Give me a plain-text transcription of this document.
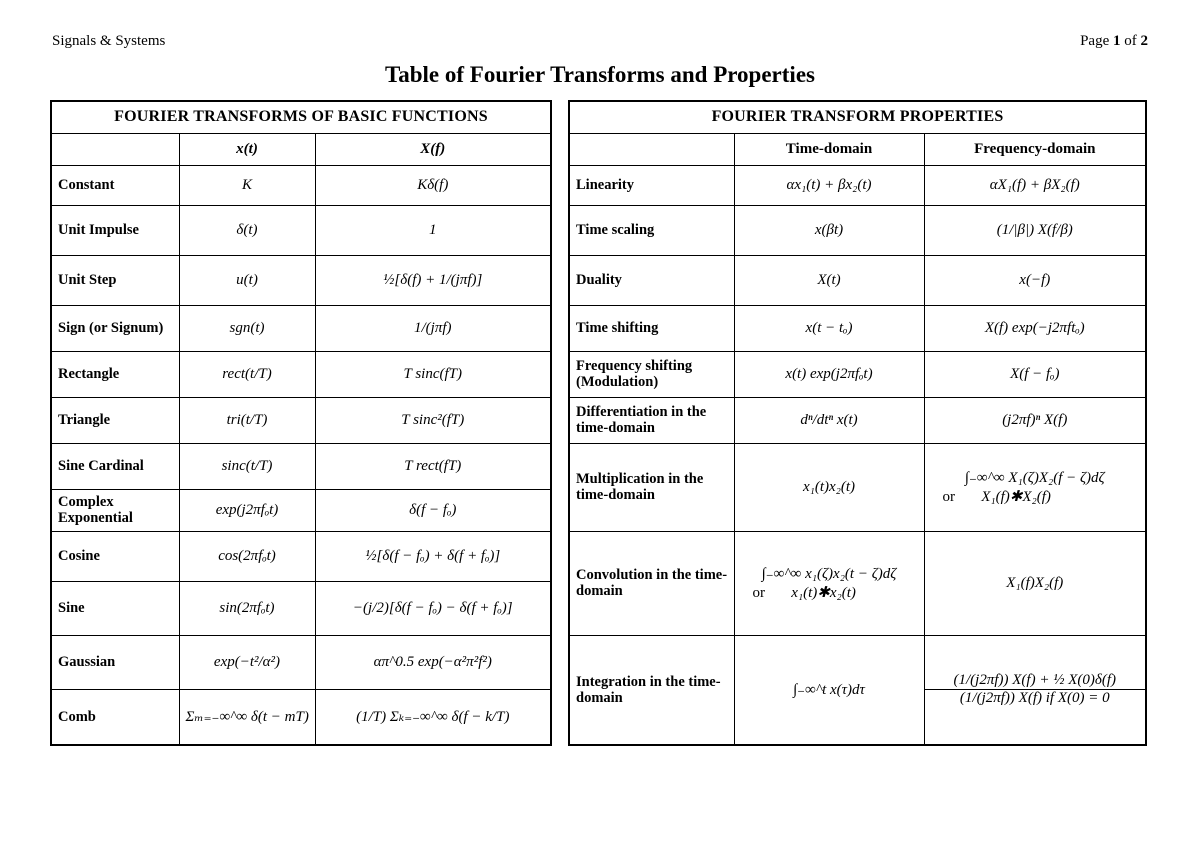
Signals & Systems	Page 1 of 2
Table of Fourier Transforms and Properties
FOURIER TRANSFORMS OF BASIC FUNCTIONS		
	x(t)	X(f)
Constant	K	Kδ(f)
Unit Impulse	δ(t)	1
Unit Step	u(t)	½[δ(f) + 1/(jπf)]
Sign (or Signum)	sgn(t)	1/(jπf)
Rectangle	rect(t/T)	T sinc(fT)
Triangle	tri(t/T)	T sinc²(fT)
Sine Cardinal	sinc(t/T)	T rect(fT)
Complex Exponential	exp(j2πfₒt)	δ(f − fₒ)
Cosine	cos(2πfₒt)	½[δ(f − fₒ) + δ(f + fₒ)]
Sine	sin(2πfₒt)	−(j/2)[δ(f − fₒ) − δ(f + fₒ)]
Gaussian	exp(−t²/α²)	απ^0.5 exp(−α²π²f²)
Comb	Σₘ₌₋∞^∞ δ(t − mT)	(1/T) Σₖ₌₋∞^∞ δ(f − k/T)
FOURIER TRANSFORM PROPERTIES		
	Time-domain	Frequency-domain
Linearity	αx₁(t) + βx₂(t)	αX₁(f) + βX₂(f)
Time scaling	x(βt)	(1/|β|) X(f/β)
Duality	X(t)	x(−f)
Time shifting	x(t − tₒ)	X(f) exp(−j2πftₒ)
Frequency shifting (Modulation)	x(t) exp(j2πfₒt)	X(f − fₒ)
Differentiation in the time-domain	dⁿ/dtⁿ x(t)	(j2πf)ⁿ X(f)
Multiplication in the time-domain	x₁(t)x₂(t)	∫₋∞^∞ X₁(ζ)X₂(f − ζ)dζ
or X₁(f)✱X₂(f)

Convolution in the time-domain	∫₋∞^∞ x₁(ζ)x₂(t − ζ)dζ
or x₁(t)✱x₂(t)	X₁(f)X₂(f)
Integration in the time-domain	∫₋∞^t x(τ)dτ	(1/(j2πf)) X(f) + ½ X(0)δ(f)
(1/(j2πf)) X(f) if X(0) = 0
